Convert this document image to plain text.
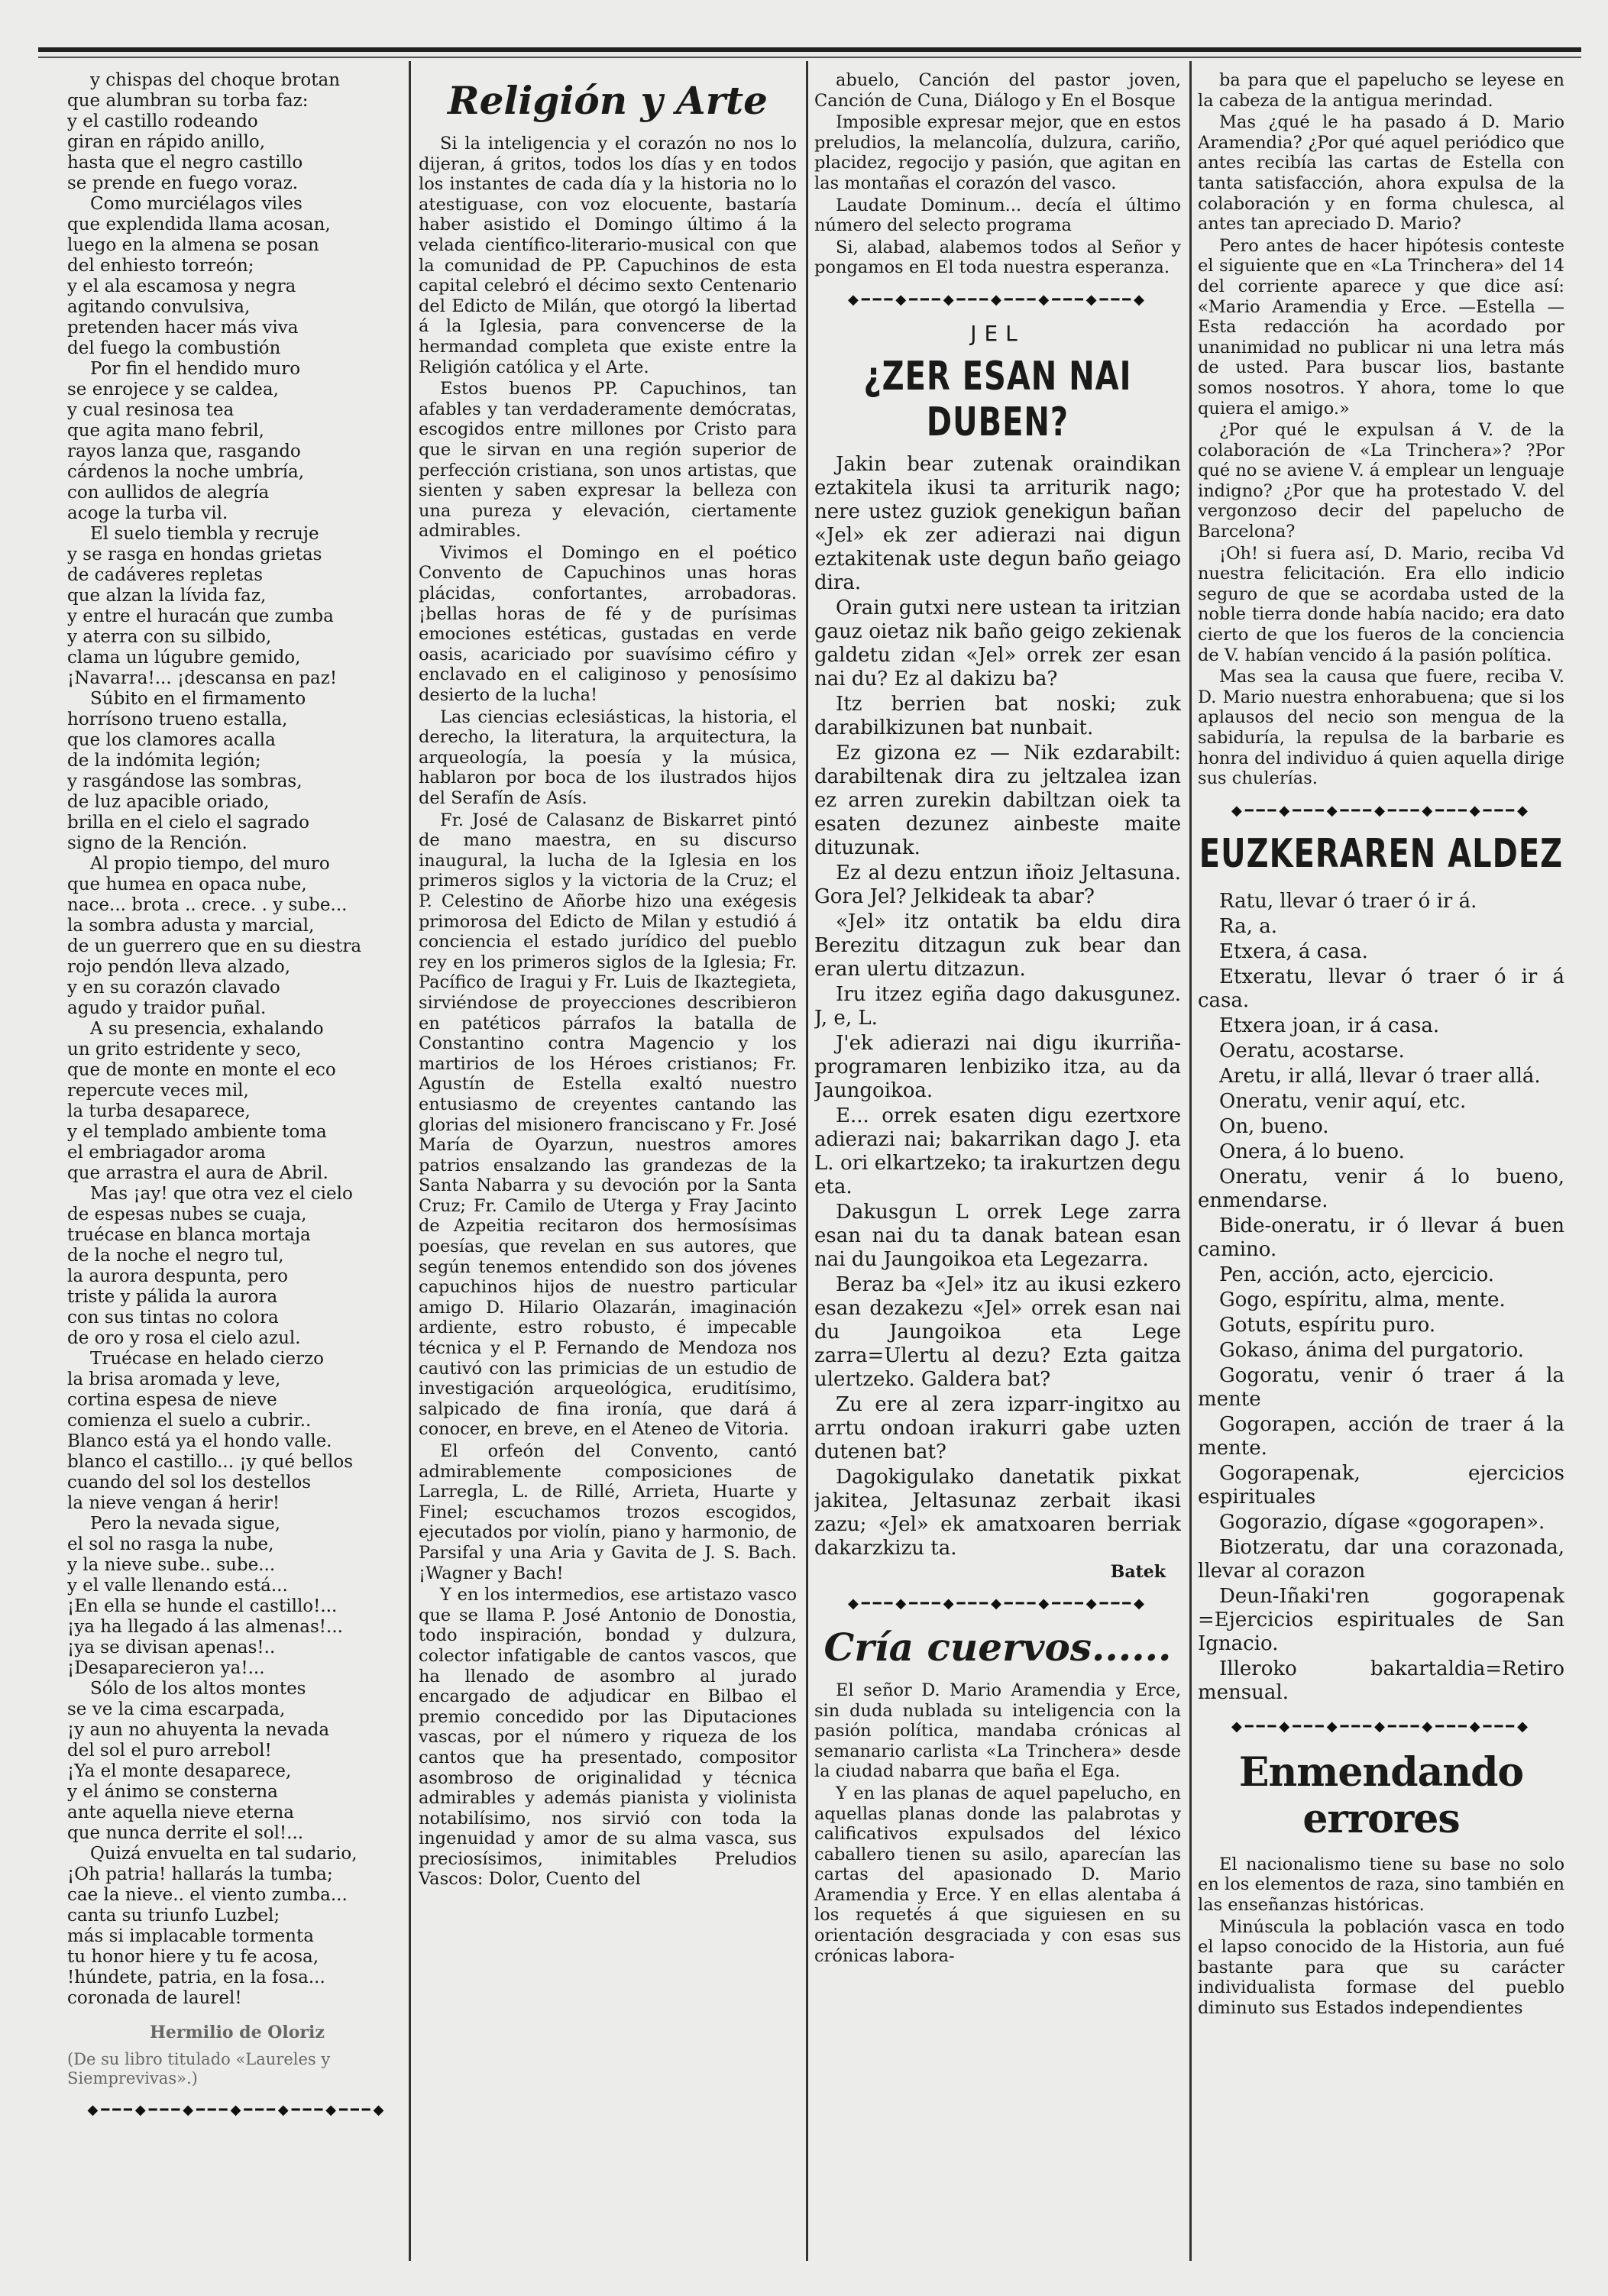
y chispas del choque brotan
que alumbran su torba faz:
y el castillo rodeando
giran en rápido anillo,
hasta que el negro castillo
se prende en fuego voraz.
Como murciélagos viles
que explendida llama acosan,
luego en la almena se posan
del enhiesto torreón;
y el ala escamosa y negra
agitando convulsiva,
pretenden hacer más viva
del fuego la combustión
Por fin el hendido muro
se enrojece y se caldea,
y cual resinosa tea
que agita mano febril,
rayos lanza que, rasgando
cárdenos la noche umbría,
con aullidos de alegría
acoge la turba vil.
El suelo tiembla y recruje
y se rasga en hondas grietas
de cadáveres repletas
que alzan la lívida faz,
y entre el huracán que zumba
y aterra con su silbido,
clama un lúgubre gemido,
¡Navarra!... ¡descansa en paz!
Súbito en el firmamento
horrísono trueno estalla,
que los clamores acalla
de la indómita legión;
y rasgándose las sombras,
de luz apacible oriado,
brilla en el cielo el sagrado
signo de la Rención.
Al propio tiempo, del muro
que humea en opaca nube,
nace... brota .. crece. . y sube...
la sombra adusta y marcial,
de un guerrero que en su diestra
rojo pendón lleva alzado,
y en su corazón clavado
agudo y traidor puñal.
A su presencia, exhalando
un grito estridente y seco,
que de monte en monte el eco
repercute veces mil,
la turba desaparece,
y el templado ambiente toma
el embriagador aroma
que arrastra el aura de Abril.
Mas ¡ay! que otra vez el cielo
de espesas nubes se cuaja,
truécase en blanca mortaja
de la noche el negro tul,
la aurora despunta, pero
triste y pálida la aurora
con sus tintas no colora
de oro y rosa el cielo azul.
Truécase en helado cierzo
la brisa aromada y leve,
cortina espesa de nieve
comienza el suelo a cubrir..
Blanco está ya el hondo valle.
blanco el castillo... ¡y qué bellos
cuando del sol los destellos
la nieve vengan á herir!
Pero la nevada sigue,
el sol no rasga la nube,
y la nieve sube.. sube...
y el valle llenando está...
¡En ella se hunde el castillo!...
¡ya ha llegado á las almenas!...
¡ya se divisan apenas!..
¡Desaparecieron ya!...
Sólo de los altos montes
se ve la cima escarpada,
¡y aun no ahuyenta la nevada
del sol el puro arrebol!
¡Ya el monte desaparece,
y el ánimo se consterna
ante aquella nieve eterna
que nunca derrite el sol!...
Quizá envuelta en tal sudario,
¡Oh patria! hallarás la tumba;
cae la nieve.. el viento zumba...
canta su triunfo Luzbel;
más si implacable tormenta
tu honor hiere y tu fe acosa,
!húndete, patria, en la fosa...
coronada de laurel!
Hermilio de Oloriz
(De su libro titulado «Laureles y Siemprevivas».)
◆━━━◆━━━◆━━━◆━━━◆━━━◆━━━◆
Religión y Arte

Si la inteligencia y el corazón no nos lo dijeran, á gritos, todos los días y en todos los instantes de cada día y la historia no lo atestiguase, con voz elocuente, bastaría haber asistido el Domingo último á la velada científico-literario-musical con que la comunidad de PP. Capuchinos de esta capital celebró el décimo sexto Centenario del Edicto de Milán, que otorgó la libertad á la Iglesia, para convencerse de la hermandad completa que existe entre la Religión católica y el Arte.

Estos buenos PP. Capuchinos, tan afables y tan verdaderamente demócratas, escogidos entre millones por Cristo para que le sirvan en una región superior de perfección cristiana, son unos artistas, que sienten y saben expresar la belleza con una pureza y elevación, ciertamente admirables.

Vivimos el Domingo en el poético Convento de Capuchinos unas horas plácidas, confortantes, arrobadoras. ¡bellas horas de fé y de purísimas emociones estéticas, gustadas en verde oasis, acariciado por suavísimo céfiro y enclavado en el caliginoso y penosísimo desierto de la lucha!

Las ciencias eclesiásticas, la historia, el derecho, la literatura, la arquitectura, la arqueología, la poesía y la música, hablaron por boca de los ilustrados hijos del Serafín de Asís.

Fr. José de Calasanz de Biskarret pintó de mano maestra, en su discurso inaugural, la lucha de la Iglesia en los primeros siglos y la victoria de la Cruz; el P. Celestino de Añorbe hizo una exégesis primorosa del Edicto de Milan y estudió á conciencia el estado jurídico del pueblo rey en los primeros siglos de la Iglesia; Fr. Pacífico de Iragui y Fr. Luis de Ikaztegieta, sirviéndose de proyecciones describieron en patéticos párrafos la batalla de Constantino contra Magencio y los martirios de los Héroes cristianos; Fr. Agustín de Estella exaltó nuestro entusiasmo de creyentes cantando las glorias del misionero franciscano y Fr. José María de Oyarzun, nuestros amores patrios ensalzando las grandezas de la Santa Nabarra y su devoción por la Santa Cruz; Fr. Camilo de Uterga y Fray Jacinto de Azpeitia recitaron dos hermosísimas poesías, que revelan en sus autores, que según tenemos entendido son dos jóvenes capuchinos hijos de nuestro particular amigo D. Hilario Olazarán, imaginación ardiente, estro robusto, é impecable técnica y el P. Fernando de Mendoza nos cautivó con las primicias de un estudio de investigación arqueológica, eruditísimo, salpicado de fina ironía, que dará á conocer, en breve, en el Ateneo de Vitoria.

El orfeón del Convento, cantó admirablemente composiciones de Larregla, L. de Rillé, Arrieta, Huarte y Finel; escuchamos trozos escogidos, ejecutados por violín, piano y harmonio, de Parsifal y una Aria y Gavita de J. S. Bach. ¡Wagner y Bach!

Y en los intermedios, ese artistazo vasco que se llama P. José Antonio de Donostia, todo inspiración, bondad y dulzura, colector infatigable de cantos vascos, que ha llenado de asombro al jurado encargado de adjudicar en Bilbao el premio concedido por las Diputaciones vascas, por el número y riqueza de los cantos que ha presentado, compositor asombroso de originalidad y técnica admirables y además pianista y violinista notabilísimo, nos sirvió con toda la ingenuidad y amor de su alma vasca, sus preciosísimos, inimitables Preludios Vascos: Dolor, Cuento del

abuelo, Canción del pastor joven, Canción de Cuna, Diálogo y En el Bosque

Imposible expresar mejor, que en estos preludios, la melancolía, dulzura, cariño, placidez, regocijo y pasión, que agitan en las montañas el corazón del vasco.

Laudate Dominum... decía el último número del selecto programa

Si, alabad, alabemos todos al Señor y pongamos en El toda nuestra esperanza.

◆━━━◆━━━◆━━━◆━━━◆━━━◆━━━◆
JEL
¿ZER ESAN NAI DUBEN?

Jakin bear zutenak oraindikan eztakitela ikusi ta arriturik nago; nere ustez guziok genekigun bañan «Jel» ek zer adierazi nai digun eztakitenak uste degun baño geiago dira.

Orain gutxi nere ustean ta iritzian gauz oietaz nik baño geigo zekienak galdetu zidan «Jel» orrek zer esan nai du? Ez al dakizu ba?

Itz berrien bat noski; zuk darabilkizunen bat nunbait.

Ez gizona ez — Nik ezdarabilt: darabiltenak dira zu jeltzalea izan ez arren zurekin dabiltzan oiek ta esaten dezunez ainbeste maite dituzunak.

Ez al dezu entzun iñoiz Jeltasuna. Gora Jel? Jelkideak ta abar?

«Jel» itz ontatik ba eldu dira Berezitu ditzagun zuk bear dan eran ulertu ditzazun.

Iru itzez egiña dago dakusgunez. J, e, L.

J'ek adierazi nai digu ikurriña-programaren lenbiziko itza, au da Jaungoikoa.

E... orrek esaten digu ezertxore adierazi nai; bakarrikan dago J. eta L. ori elkartzeko; ta irakurtzen degu eta.

Dakusgun L orrek Lege zarra esan nai du ta danak batean esan nai du Jaungoikoa eta Legezarra.

Beraz ba «Jel» itz au ikusi ezkero esan dezakezu «Jel» orrek esan nai du Jaungoikoa eta Lege zarra=Ulertu al dezu? Ezta gaitza ulertzeko. Galdera bat?

Zu ere al zera izparr-ingitxo au arrtu ondoan irakurri gabe uzten dutenen bat?

Dagokigulako danetatik pixkat jakitea, Jeltasunaz zerbait ikasi zazu; «Jel» ek amatxoaren berriak dakarzkizu ta.

Batek
◆━━━◆━━━◆━━━◆━━━◆━━━◆━━━◆
Cría cuervos......

El señor D. Mario Aramendia y Erce, sin duda nublada su inteligencia con la pasión política, mandaba crónicas al semanario carlista «La Trinchera» desde la ciudad nabarra que baña el Ega.

Y en las planas de aquel papelucho, en aquellas planas donde las palabrotas y calificativos expulsados del léxico caballero tienen su asilo, aparecían las cartas del apasionado D. Mario Aramendia y Erce. Y en ellas alentaba á los requetés á que siguiesen en su orientación desgraciada y con esas sus crónicas labora-

ba para que el papelucho se leyese en la cabeza de la antigua merindad.

Mas ¿qué le ha pasado á D. Mario Aramendia? ¿Por qué aquel periódico que antes recibía las cartas de Estella con tanta satisfacción, ahora expulsa de la colaboración y en forma chulesca, al antes tan apreciado D. Mario?

Pero antes de hacer hipótesis conteste el siguiente que en «La Trinchera» del 14 del corriente aparece y que dice así: «Mario Aramendia y Erce. —Estella — Esta redacción ha acordado por unanimidad no publicar ni una letra más de usted. Para buscar lios, bastante somos nosotros. Y ahora, tome lo que quiera el amigo.»

¿Por qué le expulsan á V. de la colaboración de «La Trinchera»? ?Por qué no se aviene V. á emplear un lenguaje indigno? ¿Por que ha protestado V. del vergonzoso decir del papelucho de Barcelona?

¡Oh! si fuera así, D. Mario, reciba Vd nuestra felicitación. Era ello indicio seguro de que se acordaba usted de la noble tierra donde había nacido; era dato cierto de que los fueros de la conciencia de V. habían vencido á la pasión política.

Mas sea la causa que fuere, reciba V. D. Mario nuestra enhorabuena; que si los aplausos del necio son mengua de la sabiduría, la repulsa de la barbarie es honra del individuo á quien aquella dirige sus chulerías.

◆━━━◆━━━◆━━━◆━━━◆━━━◆━━━◆
EUZKERAREN ALDEZ

Ratu, llevar ó traer ó ir á.

Ra, a.

Etxera, á casa.

Etxeratu, llevar ó traer ó ir á casa.

Etxera joan, ir á casa.

Oeratu, acostarse.

Aretu, ir allá, llevar ó traer allá.

Oneratu, venir aquí, etc.

On, bueno.

Onera, á lo bueno.

Oneratu, venir á lo bueno, enmendarse.

Bide-oneratu, ir ó llevar á buen camino.

Pen, acción, acto, ejercicio.

Gogo, espíritu, alma, mente.

Gotuts, espíritu puro.

Gokaso, ánima del purgatorio.

Gogoratu, venir ó traer á la mente

Gogorapen, acción de traer á la mente.

Gogorapenak, ejercicios espirituales

Gogorazio, dígase «gogorapen».

Biotzeratu, dar una corazonada, llevar al corazon

Deun-Iñaki'ren gogorapenak =Ejercicios espirituales de San Ignacio.

Illeroko bakartaldia=Retiro mensual.

◆━━━◆━━━◆━━━◆━━━◆━━━◆━━━◆
Enmendando errores

El nacionalismo tiene su base no solo en los elementos de raza, sino también en las enseñanzas históricas.

Minúscula la población vasca en todo el lapso conocido de la Historia, aun fué bastante para que su carácter individualista formase del pueblo diminuto sus Estados independientes
